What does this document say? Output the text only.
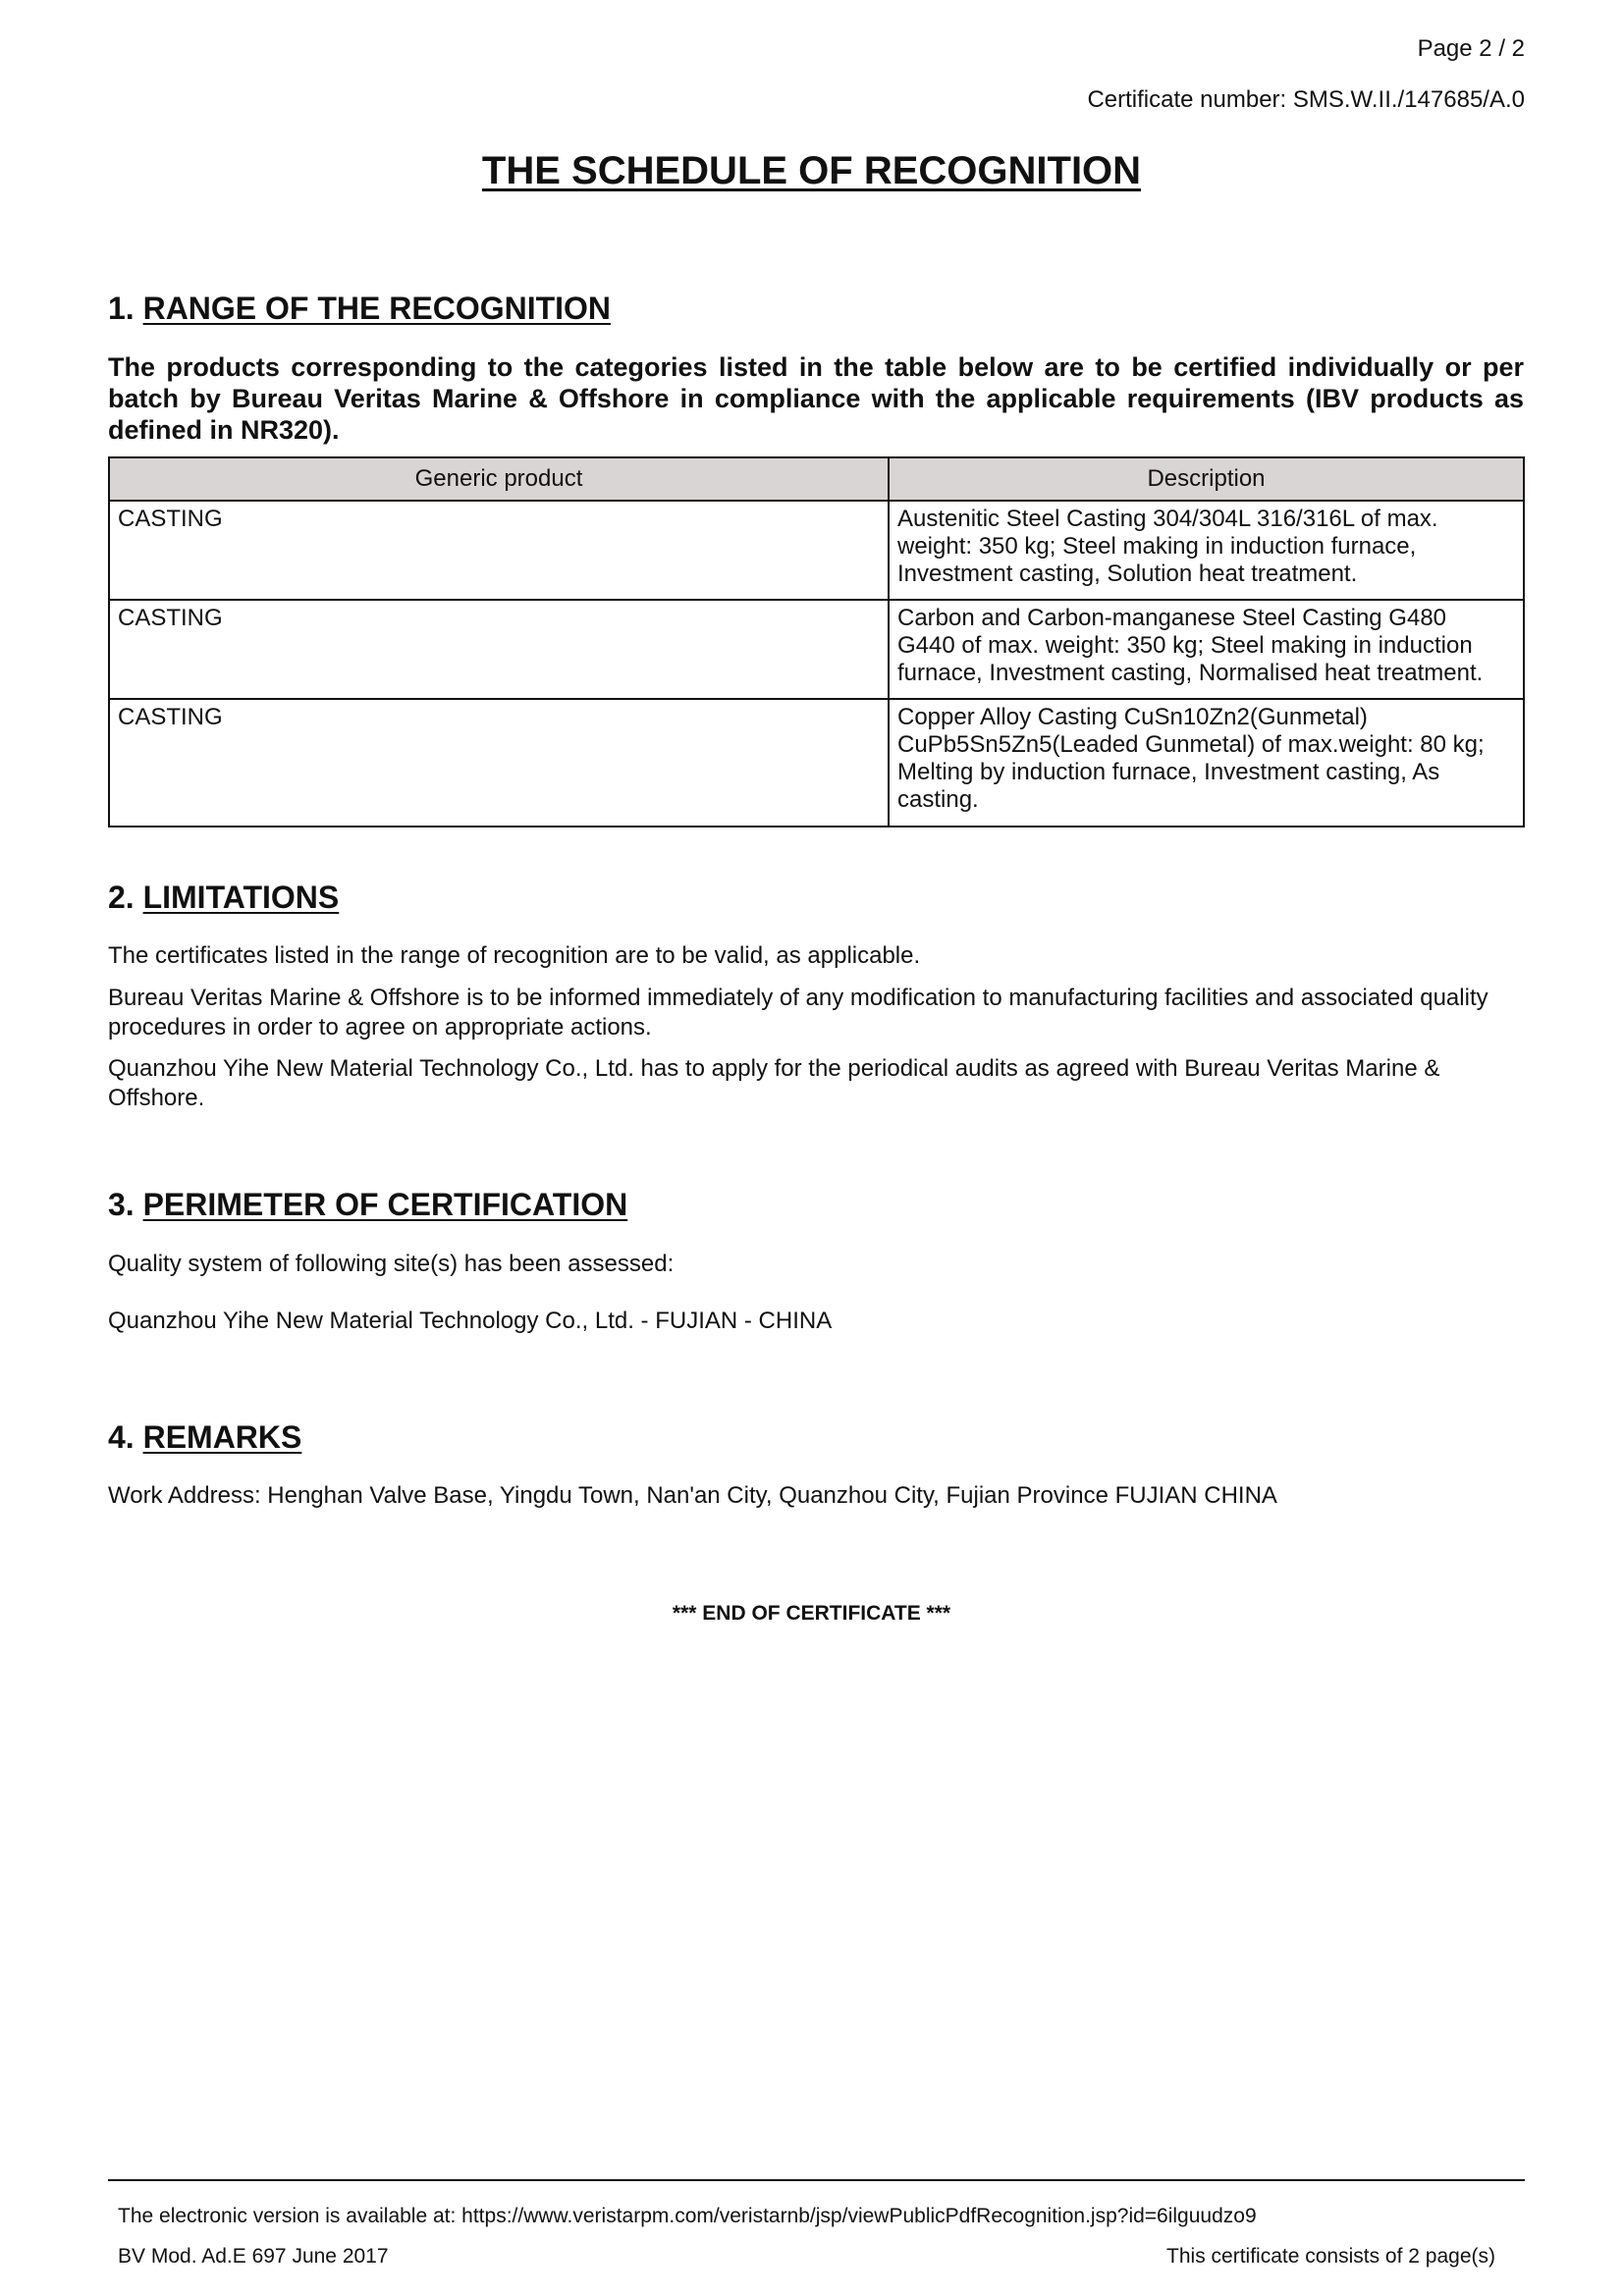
Page 2 / 2
Certificate number: SMS.W.II./147685/A.0
THE SCHEDULE OF RECOGNITION
1. RANGE OF THE RECOGNITION
The products corresponding to the categories listed in the table below are to be certified individually or per batch by Bureau Veritas Marine & Offshore in compliance with the applicable requirements (IBV products as defined in NR320).
Generic product	Description
CASTING	Austenitic Steel Casting 304/304L 316/316L of max. weight: 350 kg; Steel making in induction furnace, Investment casting, Solution heat treatment.
CASTING	Carbon and Carbon-manganese Steel Casting G480 G440 of max. weight: 350 kg; Steel making in induction furnace, Investment casting, Normalised heat treatment.
CASTING	Copper Alloy Casting CuSn10Zn2(Gunmetal) CuPb5Sn5Zn5(Leaded Gunmetal) of max.weight: 80 kg; Melting by induction furnace, Investment casting, As casting.
2. LIMITATIONS
The certificates listed in the range of recognition are to be valid, as applicable.
Bureau Veritas Marine & Offshore is to be informed immediately of any modification to manufacturing facilities and associated quality procedures in order to agree on appropriate actions.
Quanzhou Yihe New Material Technology Co., Ltd. has to apply for the periodical audits as agreed with Bureau Veritas Marine & Offshore.
3. PERIMETER OF CERTIFICATION
Quality system of following site(s) has been assessed:
Quanzhou Yihe New Material Technology Co., Ltd. - FUJIAN - CHINA
4. REMARKS
Work Address: Henghan Valve Base, Yingdu Town, Nan'an City, Quanzhou City, Fujian Province FUJIAN CHINA
*** END OF CERTIFICATE ***
The electronic version is available at: https://www.veristarpm.com/veristarnb/jsp/viewPublicPdfRecognition.jsp?id=6ilguudzo9
BV Mod. Ad.E 697 June 2017	This certificate consists of 2 page(s)
